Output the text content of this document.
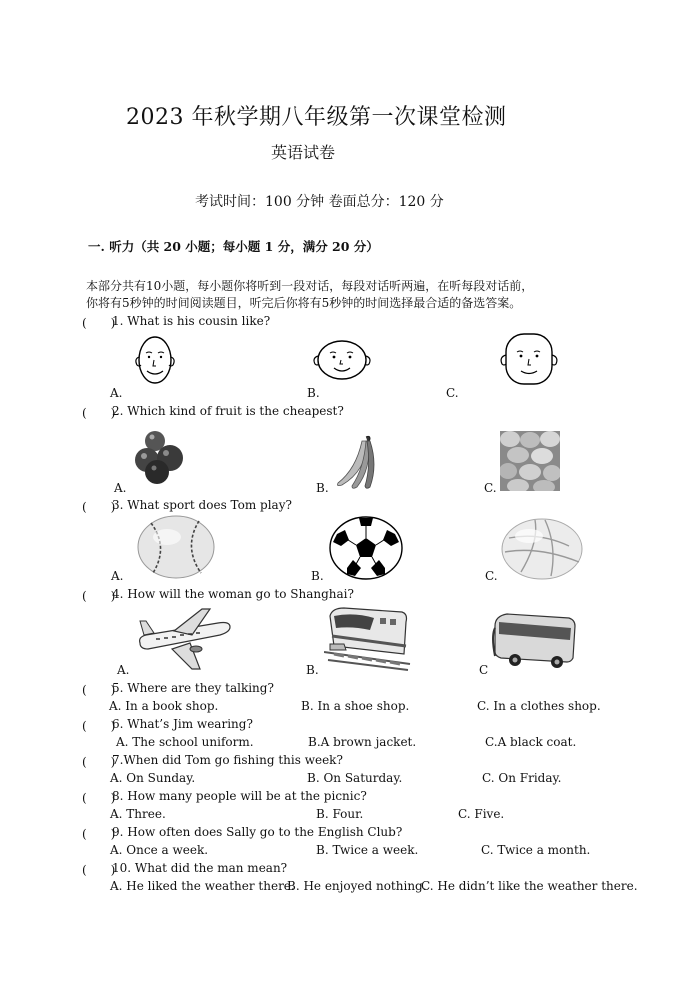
2023 年秋学期八年级第一次课堂检测
英语试卷
考试时间：100 分钟 卷面总分：120 分
一. 听力（共 20 小题；每小题 1 分，满分 20 分）
本部分共有10小题，每小题你将听到一段对话，每段对话听两遍，在听每段对话前，
你将有5秒钟的时间阅读题目，听完后你将有5秒钟的时间选择最合适的备选答案。
(　　)
1. What is his cousin like?
A.	B.	C.
(　　)
2. Which kind of fruit is the cheapest?
A.	B.	C.
(　　)
3. What sport does Tom play?
A.	B.	C.
(　　)
4. How will the woman go to Shanghai?
A.	B.	C
(　　)
5. Where are they talking?
A. In a book shop.	B. In a shoe shop.	C. In a clothes shop.
(　　)
6. What’s Jim wearing?
A. The school uniform.	B.A brown jacket.	C.A black coat.
(　　)
7.When did Tom go fishing this week?
A. On Sunday.	B. On Saturday.	C. On Friday.
(　　)
8. How many people will be at the picnic?
A. Three.	B. Four.	C. Five.
(　　)
9. How often does Sally go to the English Club?
A. Once a week.	B. Twice a week.	C. Twice a month.
(　　)
10. What did the man mean?
A. He liked the weather there.
B. He enjoyed nothing.
C. He didn’t like the weather there.
